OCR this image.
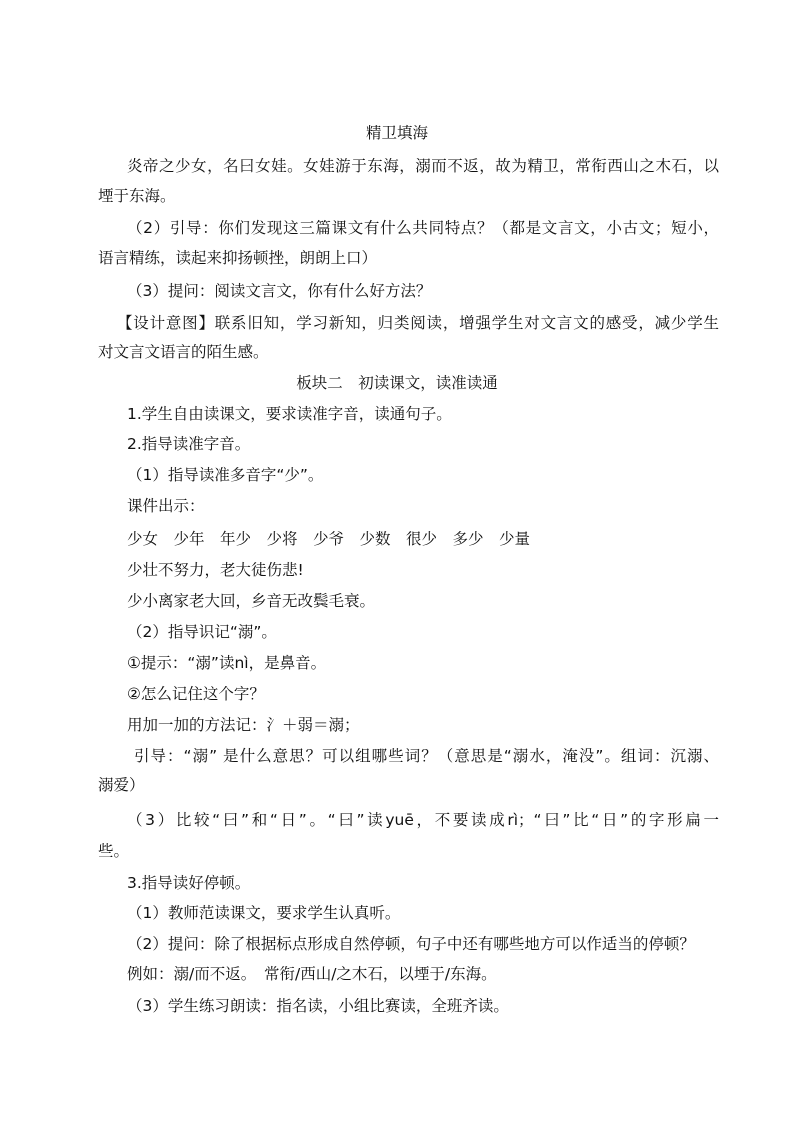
精卫填海
炎帝之少女，名曰女娃。女娃游于东海，溺而不返，故为精卫，常衔西山之木石，以
堙于东海。
（2）引导：你们发现这三篇课文有什么共同特点？（都是文言文，小古文；短小，
语言精练，读起来抑扬顿挫，朗朗上口）
（3）提问：阅读文言文，你有什么好方法？
【设计意图】联系旧知，学习新知，归类阅读，增强学生对文言文的感受，减少学生
对文言文语言的陌生感。
板块二　初读课文，读准读通
1.学生自由读课文，要求读准字音，读通句子。
2.指导读准字音。
（1）指导读准多音字“少”。
课件出示：
少女　少年　年少　少将　少爷　少数　很少　多少　少量
少壮不努力，老大徒伤悲!
少小离家老大回，乡音无改鬓毛衰。
（2）指导识记“溺”。
①提示：“溺”读nì，是鼻音。
②怎么记住这个字？
用加一加的方法记：氵＋弱＝溺；
引导：“溺” 是什么意思？可以组哪些词？（意思是“溺水，淹没”。组词：沉溺、
溺爱）
（3）比较“曰”和“日”。“曰”读yuē，不要读成rì；“曰”比“日”的字形扁一
些。
3.指导读好停顿。
（1）教师范读课文，要求学生认真听。
（2）提问：除了根据标点形成自然停顿，句子中还有哪些地方可以作适当的停顿？
例如：溺/而不返。　常衔/西山/之木石，以堙于/东海。
（3）学生练习朗读：指名读，小组比赛读，全班齐读。
